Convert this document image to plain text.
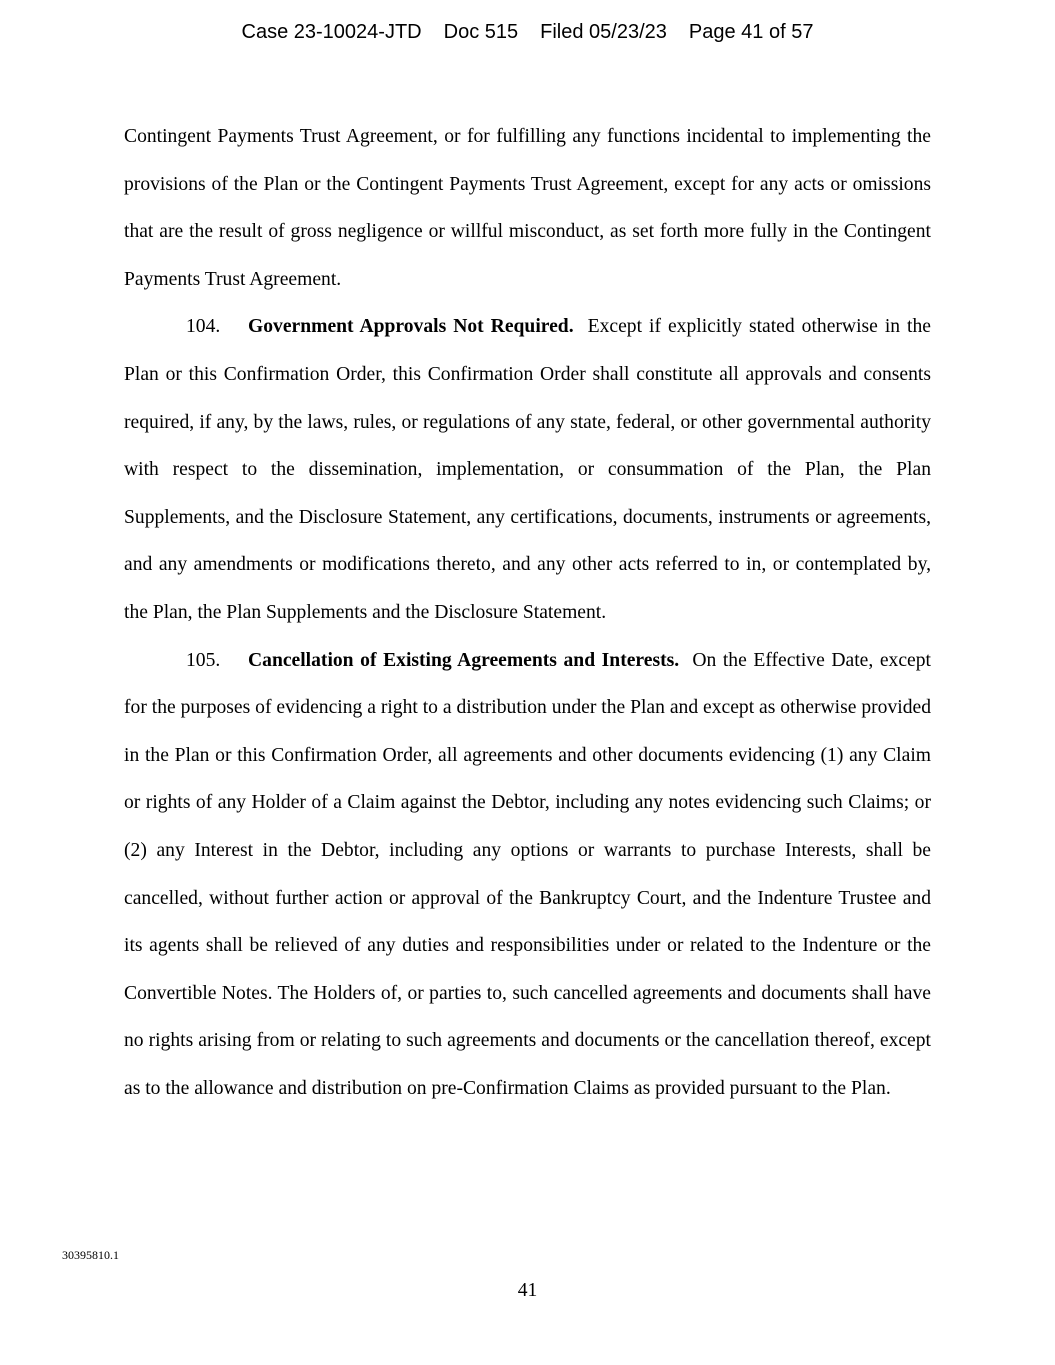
Case 23-10024-JTD Doc 515 Filed 05/23/23 Page 41 of 57

Contingent Payments Trust Agreement, or for fulfilling any functions incidental to implementing the provisions of the Plan or the Contingent Payments Trust Agreement, except for any acts or omissions that are the result of gross negligence or willful misconduct, as set forth more fully in the Contingent Payments Trust Agreement.

104. Government Approvals Not Required. Except if explicitly stated otherwise in the Plan or this Confirmation Order, this Confirmation Order shall constitute all approvals and consents required, if any, by the laws, rules, or regulations of any state, federal, or other governmental authority with respect to the dissemination, implementation, or consummation of the Plan, the Plan Supplements, and the Disclosure Statement, any certifications, documents, instruments or agreements, and any amendments or modifications thereto, and any other acts referred to in, or contemplated by, the Plan, the Plan Supplements and the Disclosure Statement.

105. Cancellation of Existing Agreements and Interests. On the Effective Date, except for the purposes of evidencing a right to a distribution under the Plan and except as otherwise provided in the Plan or this Confirmation Order, all agreements and other documents evidencing (1) any Claim or rights of any Holder of a Claim against the Debtor, including any notes evidencing such Claims; or (2) any Interest in the Debtor, including any options or warrants to purchase Interests, shall be cancelled, without further action or approval of the Bankruptcy Court, and the Indenture Trustee and its agents shall be relieved of any duties and responsibilities under or related to the Indenture or the Convertible Notes. The Holders of, or parties to, such cancelled agreements and documents shall have no rights arising from or relating to such agreements and documents or the cancellation thereof, except as to the allowance and distribution on pre-Confirmation Claims as provided pursuant to the Plan.

30395810.1
41
